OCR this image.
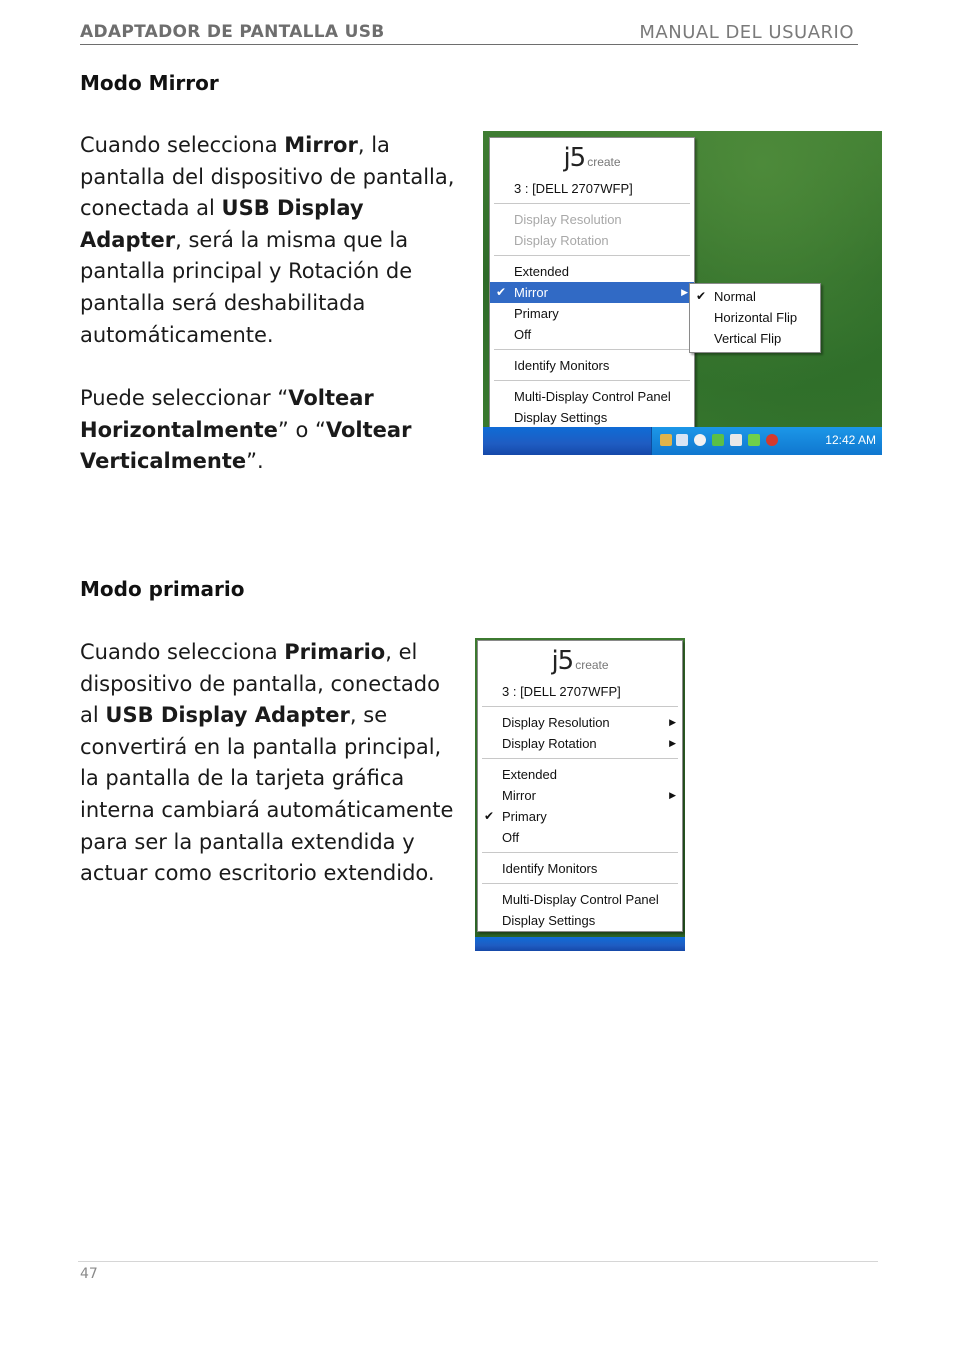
ADAPTADOR DE PANTALLA USB	MANUAL DEL USUARIO
Modo Mirror
Cuando selecciona Mirror, la pantalla del dispositivo de pantalla, conectada al USB Display Adapter, será la misma que la pantalla principal y Rotación de pantalla será deshabilitada automáticamente.
Puede seleccionar “Voltear Horizontalmente” o “Voltear Verticalmente”.
j5 create
3 : [DELL 2707WFP]
Display Resolution
Display Rotation
Extended
✔ Mirror	▶
Primary
Off
Identify Monitors
Multi-Display Control Panel
Display Settings
✔ Normal
Horizontal Flip
Vertical Flip
12:42 AM
Modo primario
Cuando selecciona Primario, el dispositivo de pantalla, conectado al USB Display Adapter, se convertirá en la pantalla principal, la pantalla de la tarjeta gráfica interna cambiará automáticamente para ser la pantalla extendida y actuar como escritorio extendido.
j5 create
3 : [DELL 2707WFP]
Display Resolution	▶
Display Rotation	▶
Extended
Mirror	▶
✔ Primary
Off
Identify Monitors
Multi-Display Control Panel
Display Settings
47
